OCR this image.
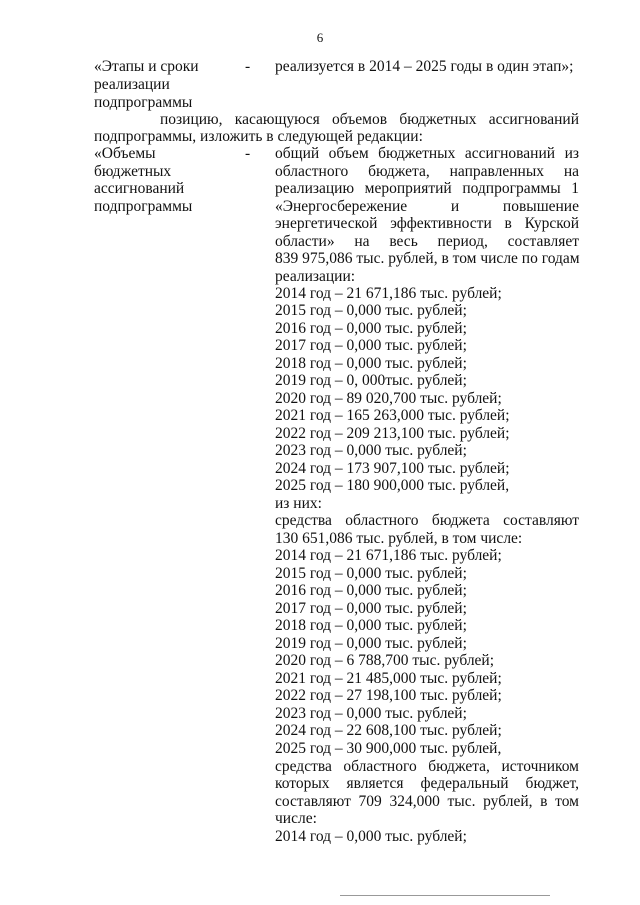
6
«Этапы и сроки
реализации
подпрограммы
- реализуется в 2014 – 2025 годы в один этап»;
позицию, касающуюся объемов бюджетных ассигнований
подпрограммы, изложить в следующей редакции:
«Объемы
бюджетных
ассигнований
подпрограммы
- общий объем бюджетных ассигнований из
областного бюджета, направленных на
реализацию мероприятий подпрограммы 1
«Энергосбережение и повышение
энергетической эффективности в Курской
области» на весь период, составляет
839 975,086 тыс. рублей, в том числе по годам
реализации:
2014 год – 21 671,186 тыс. рублей;
2015 год – 0,000 тыс. рублей;
2016 год – 0,000 тыс. рублей;
2017 год – 0,000 тыс. рублей;
2018 год – 0,000 тыс. рублей;
2019 год – 0, 000тыс. рублей;
2020 год – 89 020,700 тыс. рублей;
2021 год – 165 263,000 тыс. рублей;
2022 год – 209 213,100 тыс. рублей;
2023 год – 0,000 тыс. рублей;
2024 год – 173 907,100 тыс. рублей;
2025 год – 180 900,000 тыс. рублей,
из них:
средства областного бюджета составляют
130 651,086 тыс. рублей, в том числе:
2014 год – 21 671,186 тыс. рублей;
2015 год – 0,000 тыс. рублей;
2016 год – 0,000 тыс. рублей;
2017 год – 0,000 тыс. рублей;
2018 год – 0,000 тыс. рублей;
2019 год – 0,000 тыс. рублей;
2020 год – 6 788,700 тыс. рублей;
2021 год – 21 485,000 тыс. рублей;
2022 год – 27 198,100 тыс. рублей;
2023 год – 0,000 тыс. рублей;
2024 год – 22 608,100 тыс. рублей;
2025 год – 30 900,000 тыс. рублей,
средства областного бюджета, источником
которых является федеральный бюджет,
составляют 709 324,000 тыс. рублей, в том
числе:
2014 год – 0,000 тыс. рублей;
